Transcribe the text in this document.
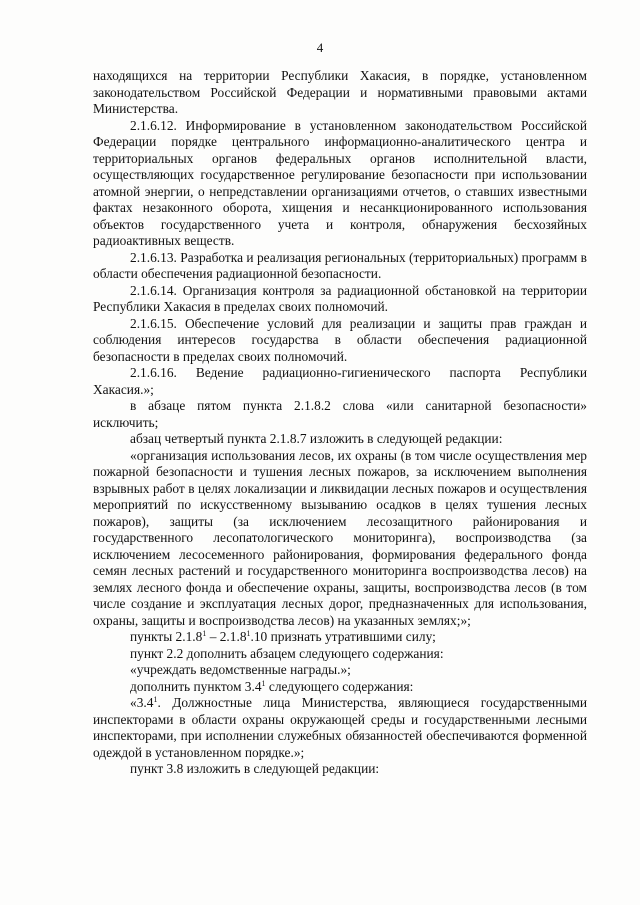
4

находящихся на территории Республики Хакасия, в порядке, установленном законодательством Российской Федерации и нормативными правовыми актами Министерства.

2.1.6.12. Информирование в установленном законодательством Российской Федерации порядке центрального информационно-аналитического центра и территориальных органов федеральных органов исполнительной власти, осуществляющих государственное регулирование безопасности при использовании атомной энергии, о непредставлении организациями отчетов, о ставших известными фактах незаконного оборота, хищения и несанкционированного использования объектов государственного учета и контроля, обнаружения бесхозяйных радиоактивных веществ.

2.1.6.13. Разработка и реализация региональных (территориальных) программ в области обеспечения радиационной безопасности.

2.1.6.14. Организация контроля за радиационной обстановкой на территории Республики Хакасия в пределах своих полномочий.

2.1.6.15. Обеспечение условий для реализации и защиты прав граждан и соблюдения интересов государства в области обеспечения радиационной безопасности в пределах своих полномочий.

2.1.6.16. Ведение радиационно-гигиенического паспорта Республики Хакасия.»;

в абзаце пятом пункта 2.1.8.2 слова «или санитарной безопасности» исключить;

абзац четвертый пункта 2.1.8.7 изложить в следующей редакции:

«организация использования лесов, их охраны (в том числе осуществления мер пожарной безопасности и тушения лесных пожаров, за исключением выполнения взрывных работ в целях локализации и ликвидации лесных пожаров и осуществления мероприятий по искусственному вызыванию осадков в целях тушения лесных пожаров), защиты (за исключением лесозащитного районирования и государственного лесопатологического мониторинга), воспроизводства (за исключением лесосеменного районирования, формирования федерального фонда семян лесных растений и государственного мониторинга воспроизводства лесов) на землях лесного фонда и обеспечение охраны, защиты, воспроизводства лесов (в том числе создание и эксплуатация лесных дорог, предназначенных для использования, охраны, защиты и воспроизводства лесов) на указанных землях;»;

пункты 2.1.8$^1$ – 2.1.8$^1$.10 признать утратившими силу;

пункт 2.2 дополнить абзацем следующего содержания:

«учреждать ведомственные награды.»;

дополнить пунктом $3.4^1$ следующего содержания:

«$3.4^1$. Должностные лица Министерства, являющиеся государственными инспекторами в области охраны окружающей среды и государственными лесными инспекторами, при исполнении служебных обязанностей обеспечиваются форменной одеждой в установленном порядке.»;

пункт 3.8 изложить в следующей редакции:
